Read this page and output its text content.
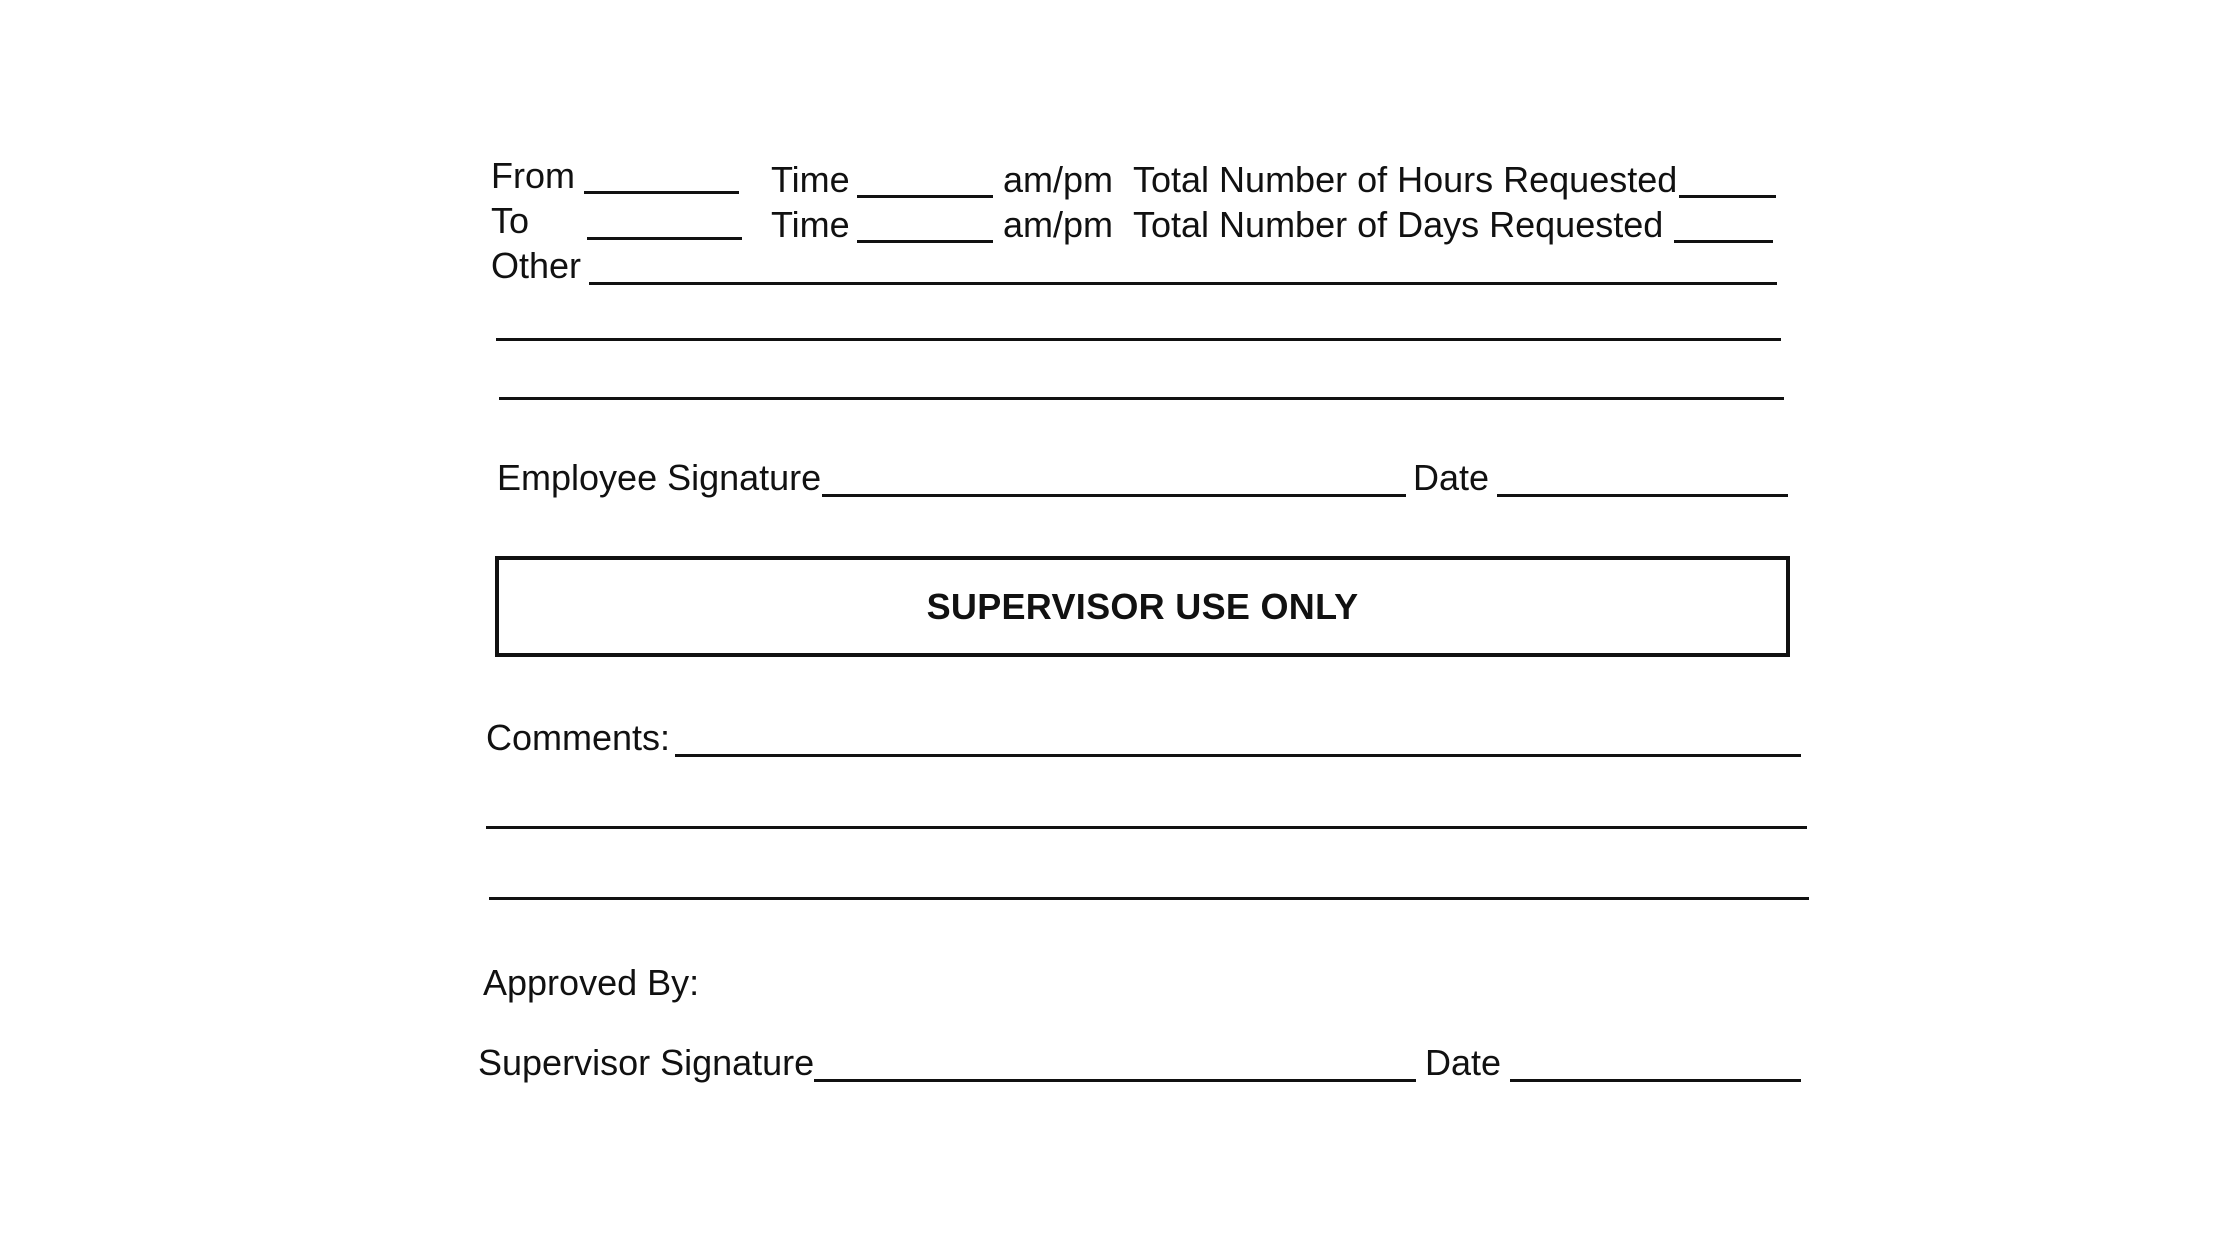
From	Time	am/pm Total Number of Hours Requested
To	Time	am/pm Total Number of Days Requested
Other
Employee Signature	Date
SUPERVISOR USE ONLY
Comments:
Approved By:
Supervisor Signature	Date
